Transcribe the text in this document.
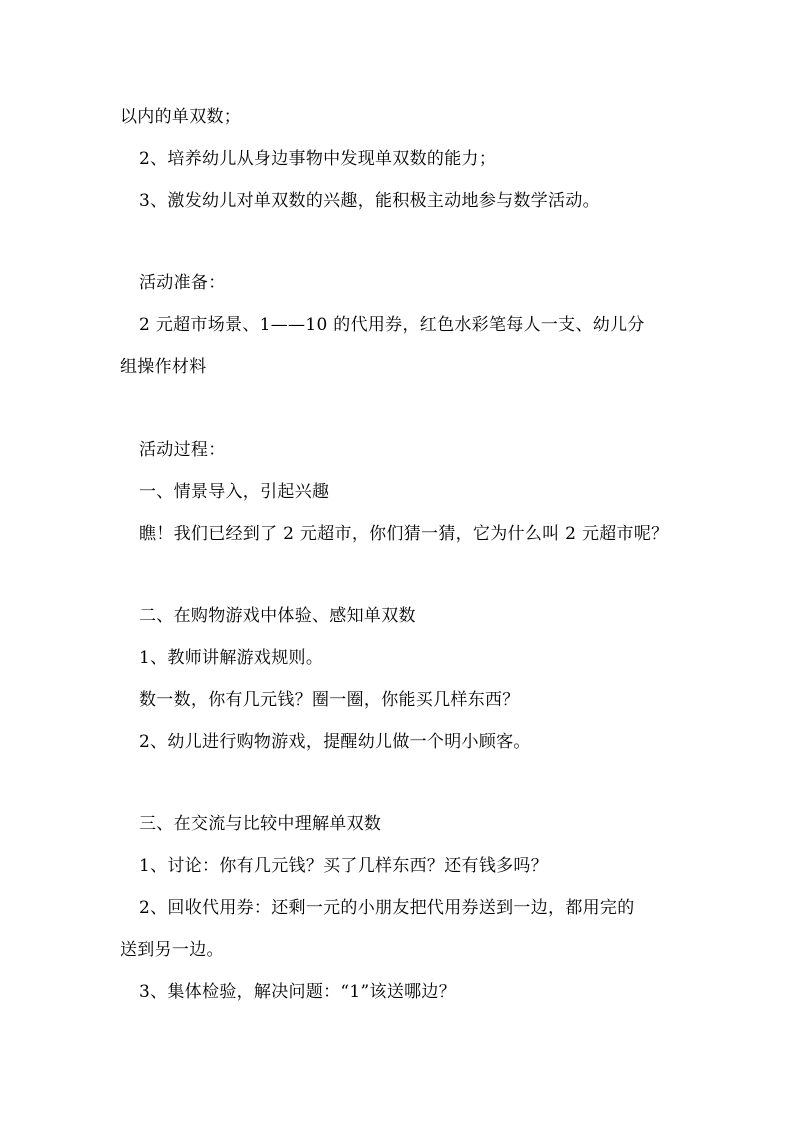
以内的单双数；
2、培养幼儿从身边事物中发现单双数的能力；
3、激发幼儿对单双数的兴趣，能积极主动地参与数学活动。
活动准备：
2 元超市场景、1——10 的代用券，红色水彩笔每人一支、幼儿分
组操作材料
活动过程：
一、情景导入，引起兴趣
瞧！我们已经到了 2 元超市，你们猜一猜，它为什么叫 2 元超市呢？
二、在购物游戏中体验、感知单双数
1、教师讲解游戏规则。
数一数，你有几元钱？圈一圈，你能买几样东西？
2、幼儿进行购物游戏，提醒幼儿做一个明小顾客。
三、在交流与比较中理解单双数
1、讨论：你有几元钱？买了几样东西？还有钱多吗？
2、回收代用券：还剩一元的小朋友把代用券送到一边，都用完的
送到另一边。
3、集体检验，解决问题：“1”该送哪边？
